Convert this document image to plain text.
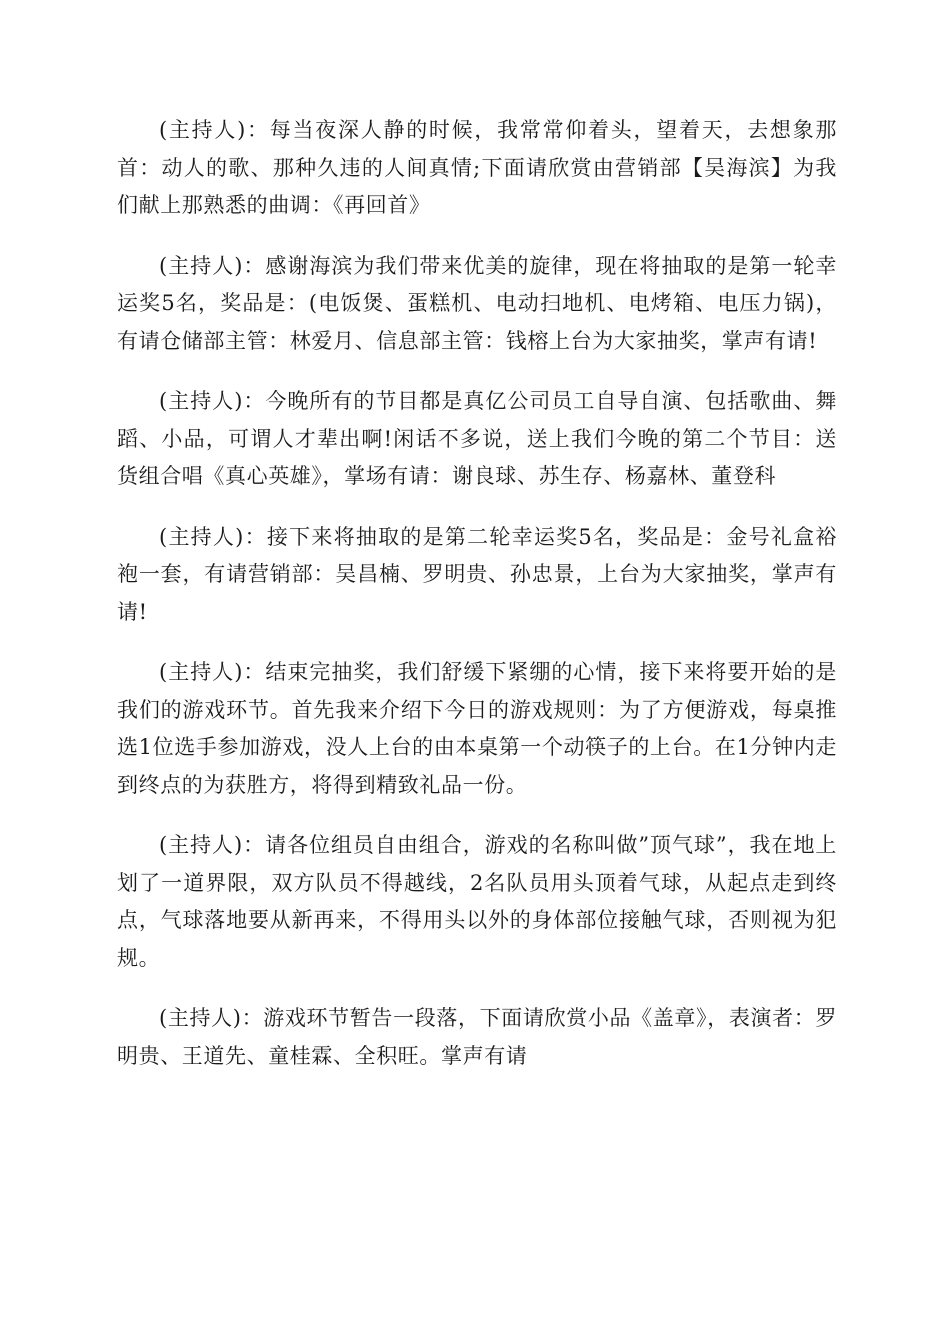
(主持人)：每当夜深人静的时候，我常常仰着头，望着天，去想象那首：动人的歌、那种久违的人间真情;下面请欣赏由营销部【吴海滨】为我们献上那熟悉的曲调：《再回首》

(主持人)：感谢海滨为我们带来优美的旋律，现在将抽取的是第一轮幸运奖5名，奖品是：(电饭煲、蛋糕机、电动扫地机、电烤箱、电压力锅)，有请仓储部主管：林爱月、信息部主管：钱榕上台为大家抽奖，掌声有请!

(主持人)：今晚所有的节目都是真亿公司员工自导自演、包括歌曲、舞蹈、小品，可谓人才辈出啊!闲话不多说，送上我们今晚的第二个节目：送货组合唱《真心英雄》，掌场有请：谢良球、苏生存、杨嘉林、董登科

(主持人)：接下来将抽取的是第二轮幸运奖5名，奖品是：金号礼盒裕袍一套，有请营销部：吴昌楠、罗明贵、孙忠景，上台为大家抽奖，掌声有请!

(主持人)：结束完抽奖，我们舒缓下紧绷的心情，接下来将要开始的是我们的游戏环节。首先我来介绍下今日的游戏规则：为了方便游戏，每桌推选1位选手参加游戏，没人上台的由本桌第一个动筷子的上台。在1分钟内走到终点的为获胜方，将得到精致礼品一份。

(主持人)：请各位组员自由组合，游戏的名称叫做”顶气球”，我在地上划了一道界限，双方队员不得越线，2名队员用头顶着气球，从起点走到终点，气球落地要从新再来，不得用头以外的身体部位接触气球，否则视为犯规。

(主持人)：游戏环节暂告一段落，下面请欣赏小品《盖章》，表演者：罗明贵、王道先、童桂霖、全积旺。掌声有请
